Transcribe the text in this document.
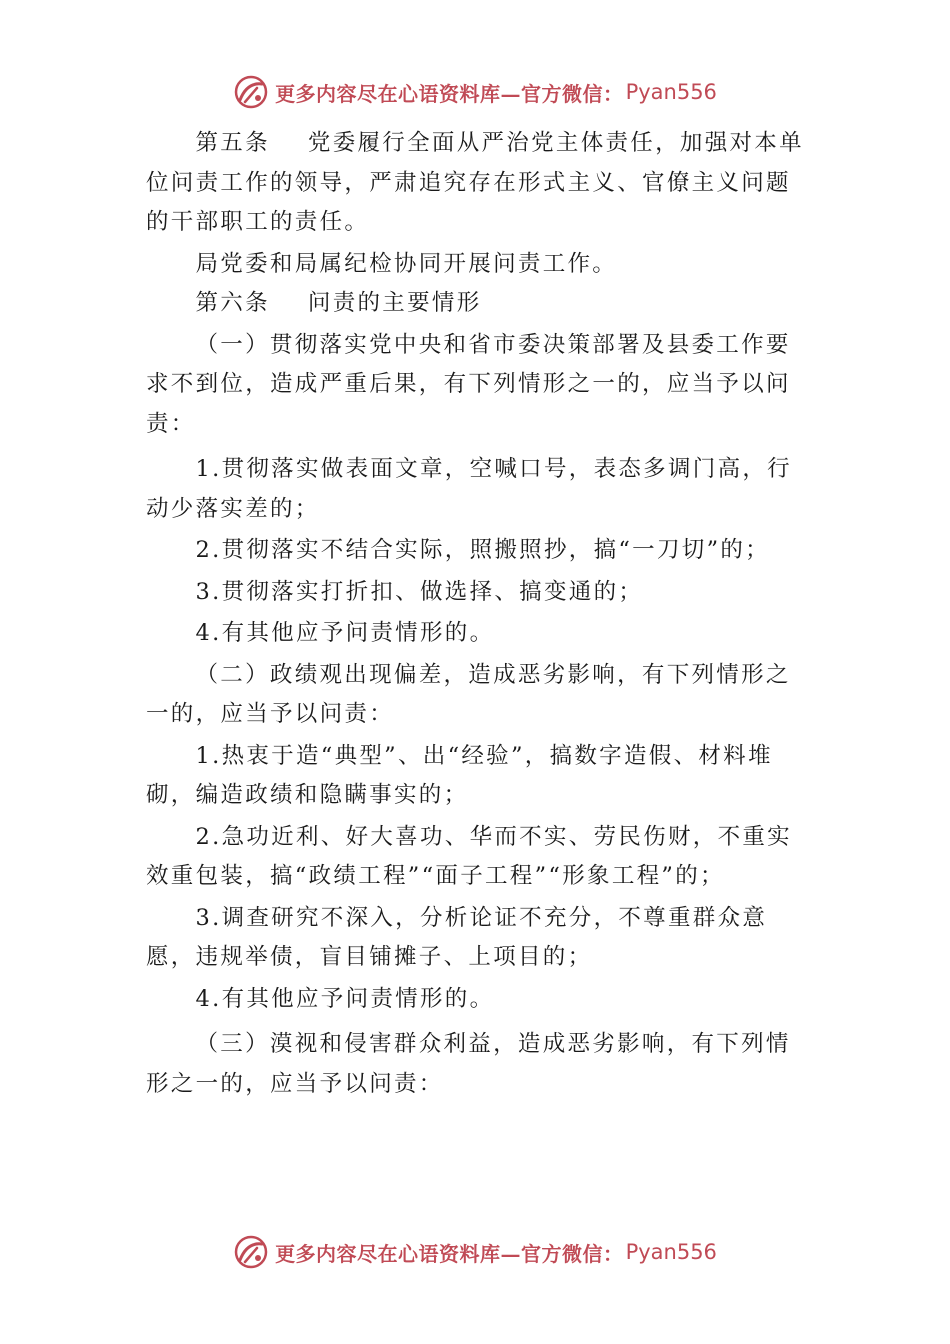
更多内容尽在心语资料库—官方微信： Pyan556

第五条 党委履行全面从严治党主体责任，加强对本单位问责工作的领导，严肃追究存在形式主义、官僚主义问题的干部职工的责任。

局党委和局属纪检协同开展问责工作。

第六条 问责的主要情形

（一）贯彻落实党中央和省市委决策部署及县委工作要求不到位，造成严重后果，有下列情形之一的，应当予以问责：

1.贯彻落实做表面文章，空喊口号，表态多调门高，行动少落实差的；

2.贯彻落实不结合实际，照搬照抄，搞“一刀切”的；

3.贯彻落实打折扣、做选择、搞变通的；

4.有其他应予问责情形的。

（二）政绩观出现偏差，造成恶劣影响，有下列情形之一的，应当予以问责：

1.热衷于造“典型”、出“经验”，搞数字造假、材料堆砌，编造政绩和隐瞒事实的；

2.急功近利、好大喜功、华而不实、劳民伤财，不重实效重包装，搞“政绩工程”“面子工程”“形象工程”的；

3.调查研究不深入，分析论证不充分，不尊重群众意愿，违规举债，盲目铺摊子、上项目的；

4.有其他应予问责情形的。

（三）漠视和侵害群众利益，造成恶劣影响，有下列情形之一的，应当予以问责：

更多内容尽在心语资料库—官方微信： Pyan556
